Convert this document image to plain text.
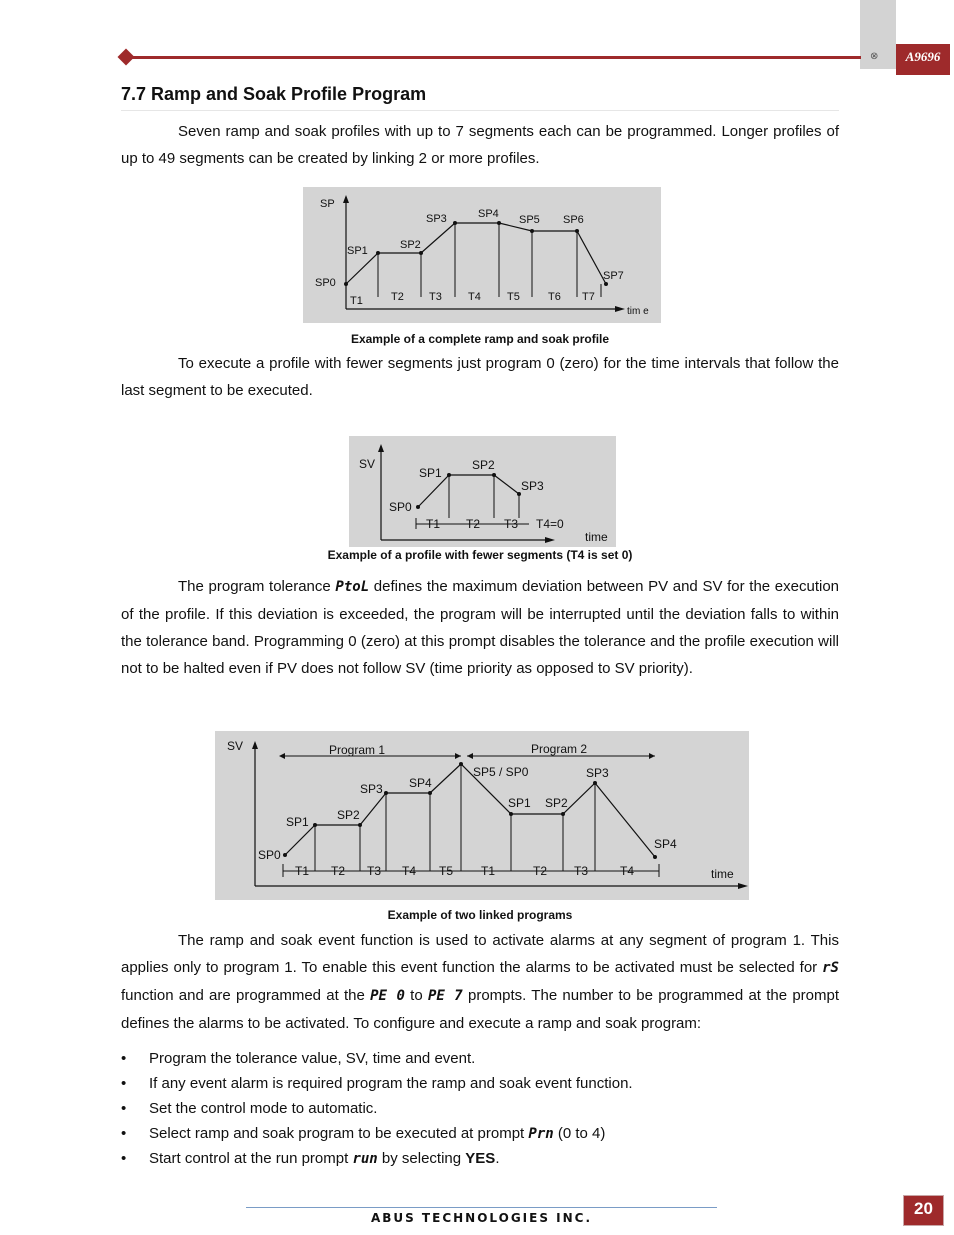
⊗	A9696
7.7 Ramp and Soak Profile Program
Seven ramp and soak profiles with up to 7 segments each can be programmed. Longer profiles of up to 49 segments can be created by linking 2 or more profiles.
SP
tim e
SP0
SP1	SP2
SP3	SP4 SP5 SP6
SP7
T1	T2 T3 T4 T5	T6 T7
Example of a complete ramp and soak profile
To execute a profile with fewer segments just program 0 (zero) for the time intervals that follow the last segment to be executed.
SV
time
SP0
SP1
SP2
SP3
T1 T2 T3 T4=0
Example of a profile with fewer segments (T4 is set 0)
The program tolerance PtoL defines the maximum deviation between PV and SV for the execution of the profile. If this deviation is exceeded, the program will be interrupted until the deviation falls to within the tolerance band. Programming 0 (zero) at this prompt disables the tolerance and the profile execution will not to be halted even if PV does not follow SV (time priority as opposed to SV priority).
SV
time
Program 1	Program 2
SP0
SP1 SP2
SP3 SP4
SP5 / SP0
SP1 SP2
SP3
SP4
T1 T2 T3 T4 T5 T1	T2 T3	T4
Example of two linked programs
The ramp and soak event function is used to activate alarms at any segment of program 1. This applies only to program 1. To enable this event function the alarms to be activated must be selected for rS function and are programmed at the PE 0 to PE 7 prompts. The number to be programmed at the prompt defines the alarms to be activated. To configure and execute a ramp and soak program:
• Program the tolerance value, SV, time and event.
• If any event alarm is required program the ramp and soak event function.
• Set the control mode to automatic.
• Select ramp and soak program to be executed at prompt Prn (0 to 4)
• Start control at the run prompt run by selecting YES.
ABUS TECHNOLOGIES INC.	20
